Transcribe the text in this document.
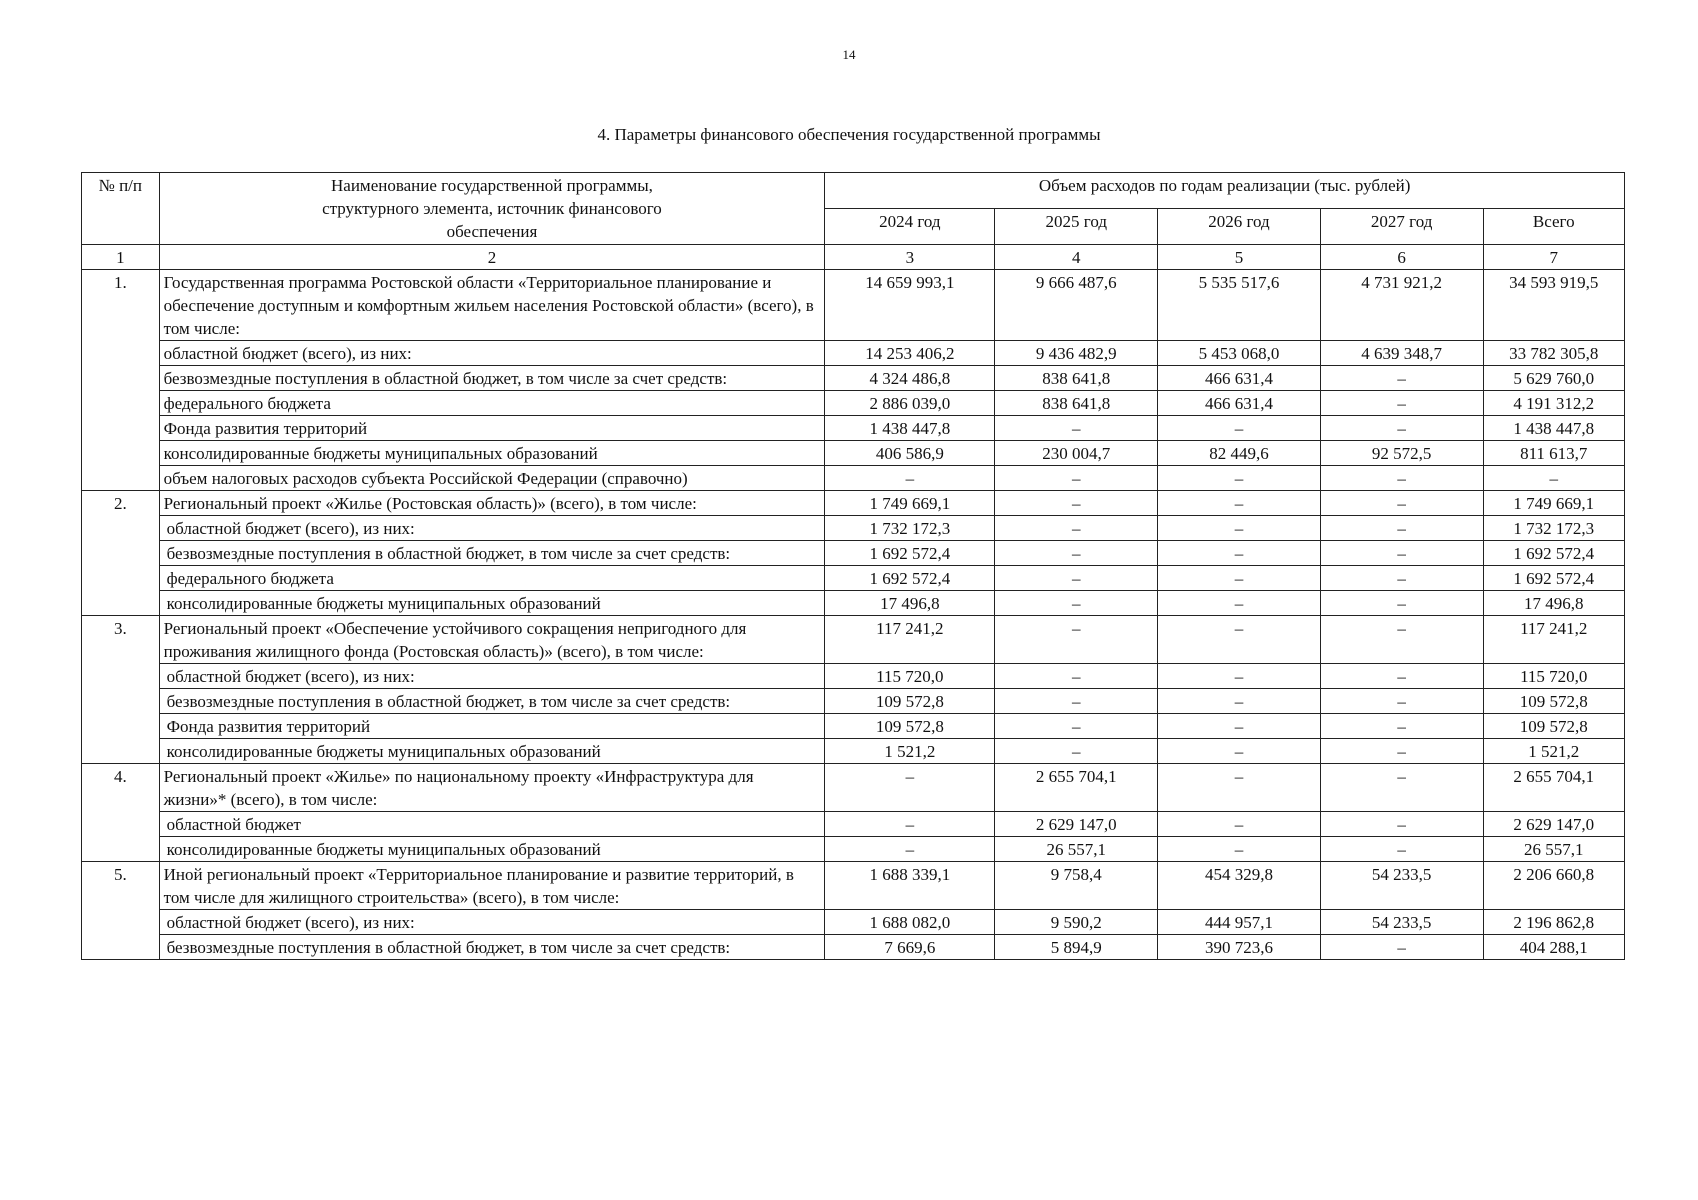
14
4. Параметры финансового обеспечения государственной программы
№ п/п	Наименование государственной программы, структурного элемента, источник финансового обеспечения	Объем расходов по годам реализации (тыс. рублей)				
		2024 год	2025 год	2026 год	2027 год	Всего
1	2	3	4	5	6	7
1.	Государственная программа Ростовской области «Территориальное планирование и обеспечение доступным и комфортным жильем населения Ростовской области» (всего), в том числе:	14 659 993,1	9 666 487,6	5 535 517,6	4 731 921,2	34 593 919,5
	областной бюджет (всего), из них:	14 253 406,2	9 436 482,9	5 453 068,0	4 639 348,7	33 782 305,8
	безвозмездные поступления в областной бюджет, в том числе за счет средств:	4 324 486,8	838 641,8	466 631,4	–	5 629 760,0
	федерального бюджета	2 886 039,0	838 641,8	466 631,4	–	4 191 312,2
	Фонда развития территорий	1 438 447,8	–	–	–	1 438 447,8
	консолидированные бюджеты муниципальных образований	406 586,9	230 004,7	82 449,6	92 572,5	811 613,7
	объем налоговых расходов субъекта Российской Федерации (справочно)	–	–	–	–	–
2.	Региональный проект «Жилье (Ростовская область)» (всего), в том числе:	1 749 669,1	–	–	–	1 749 669,1
	областной бюджет (всего), из них:	1 732 172,3	–	–	–	1 732 172,3
	безвозмездные поступления в областной бюджет, в том числе за счет средств:	1 692 572,4	–	–	–	1 692 572,4
	федерального бюджета	1 692 572,4	–	–	–	1 692 572,4
	консолидированные бюджеты муниципальных образований	17 496,8	–	–	–	17 496,8
3.	Региональный проект «Обеспечение устойчивого сокращения непригодного для проживания жилищного фонда (Ростовская область)» (всего), в том числе:	117 241,2	–	–	–	117 241,2
	областной бюджет (всего), из них:	115 720,0	–	–	–	115 720,0
	безвозмездные поступления в областной бюджет, в том числе за счет средств:	109 572,8	–	–	–	109 572,8
	Фонда развития территорий	109 572,8	–	–	–	109 572,8
	консолидированные бюджеты муниципальных образований	1 521,2	–	–	–	1 521,2
4.	Региональный проект «Жилье» по национальному проекту «Инфраструктура для жизни»* (всего), в том числе:	–	2 655 704,1	–	–	2 655 704,1
	областной бюджет	–	2 629 147,0	–	–	2 629 147,0
	консолидированные бюджеты муниципальных образований	–	26 557,1	–	–	26 557,1
5.	Иной региональный проект «Территориальное планирование и развитие территорий, в том числе для жилищного строительства» (всего), в том числе:	1 688 339,1	9 758,4	454 329,8	54 233,5	2 206 660,8
	областной бюджет (всего), из них:	1 688 082,0	9 590,2	444 957,1	54 233,5	2 196 862,8
	безвозмездные поступления в областной бюджет, в том числе за счет средств:	7 669,6	5 894,9	390 723,6	–	404 288,1
